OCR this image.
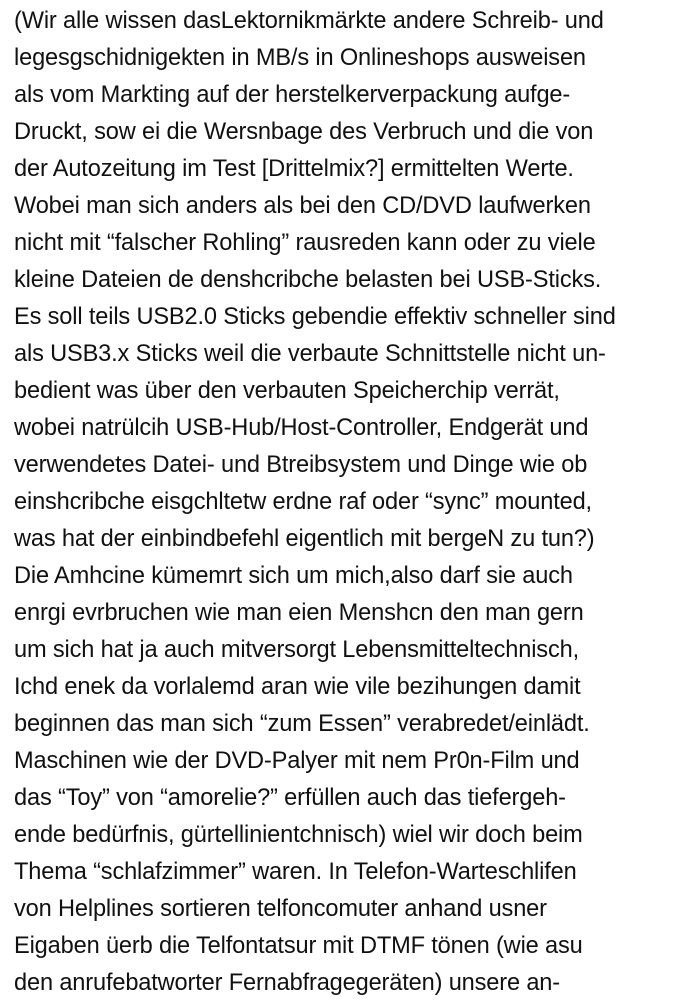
(Wir alle wissen dasLektornikmärkte andere Schreib- und
legesgschidnigekten in MB/s in Onlineshops ausweisen
als vom Markting auf der herstelkerverpackung aufge-
Druckt, sow ei die Wersnbage des Verbruch und die von
der Autozeitung im Test [Drittelmix?] ermittelten Werte.
Wobei man sich anders als bei den CD/DVD laufwerken
nicht mit “falscher Rohling” rausreden kann oder zu viele
kleine Dateien de denshcribche belasten bei USB-Sticks.
Es soll teils USB2.0 Sticks gebendie effektiv schneller sind
als USB3.x Sticks weil die verbaute Schnittstelle nicht un-
bedient was über den verbauten Speicherchip verrät,
wobei natrülcih USB-Hub/Host-Controller, Endgerät und
verwendetes Datei- und Btreibsystem und Dinge wie ob
einshcribche eisgchltetw erdne raf oder “sync” mounted,
was hat der einbindbefehl eigentlich mit bergeN zu tun?)
Die Amhcine kümemrt sich um mich,also darf sie auch
enrgi evrbruchen wie man eien Menshcn den man gern
um sich hat ja auch mitversorgt Lebensmitteltechnisch,
Ichd enek da vorlalemd aran wie vile bezihungen damit
beginnen das man sich “zum Essen” verabredet/einlädt.
Maschinen wie der DVD-Palyer mit nem Pr0n-Film und
das “Toy” von “amorelie?” erfüllen auch das tiefergeh-
ende bedürfnis, gürtellinientchnisch) wiel wir doch beim
Thema “schlafzimmer” waren. In Telefon-Warteschlifen
von Helplines sortieren telfoncomuter anhand usner
Eigaben üerb die Telfontatsur mit DTMF tönen (wie asu
den anrufebatworter Fernabfragegeräten) unsere an-
